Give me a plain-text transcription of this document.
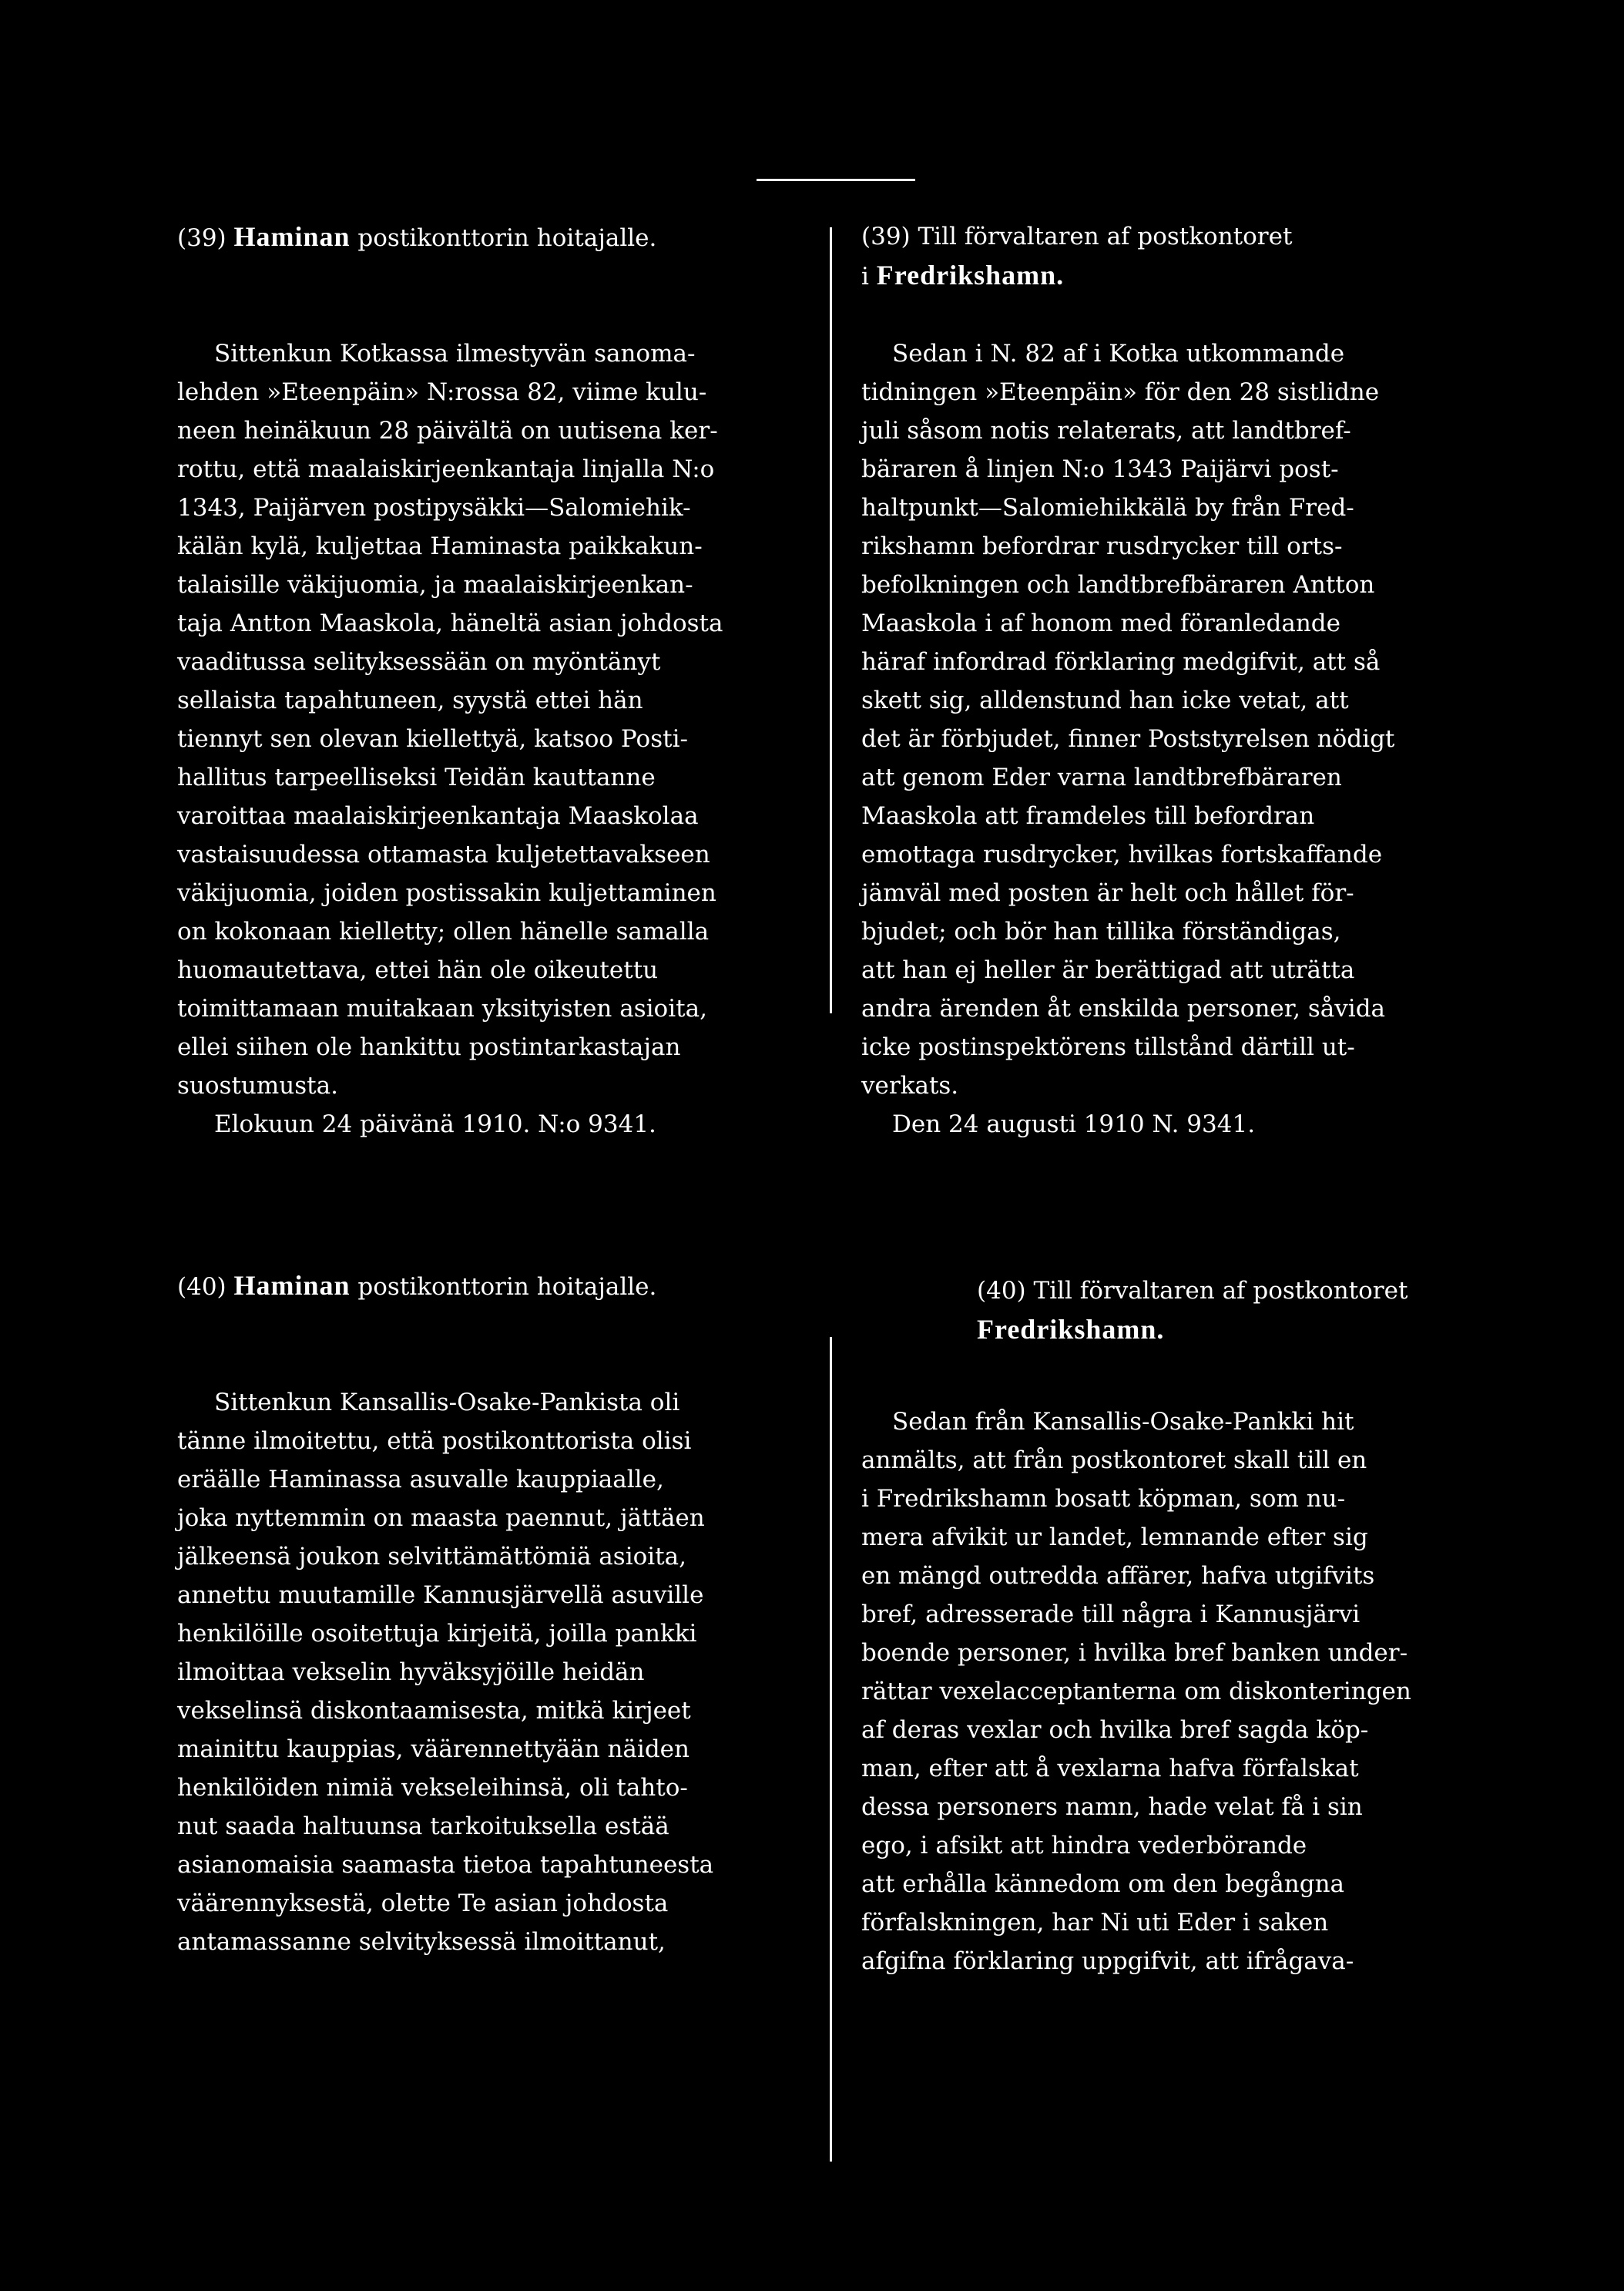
(39) Haminan postikonttorin hoitajalle.

Sittenkun Kotkassa ilmestyvän sanoma-
lehden »Eteenpäin» N:rossa 82, viime kulu-
neen heinäkuun 28 päivältä on uutisena ker-
rottu, että maalaiskirjeenkantaja linjalla N:o
1343, Paijärven postipysäkki—Salomiehik-
kälän kylä, kuljettaa Haminasta paikkakun-
talaisille väkijuomia, ja maalaiskirjeenkan-
taja Antton Maaskola, häneltä asian johdosta
vaaditussa selityksessään on myöntänyt
sellaista tapahtuneen, syystä ettei hän
tiennyt sen olevan kiellettyä, katsoo Posti-
hallitus tarpeelliseksi Teidän kauttanne
varoittaa maalaiskirjeenkantaja Maaskolaa
vastaisuudessa ottamasta kuljetettavakseen
väkijuomia, joiden postissakin kuljettaminen
on kokonaan kielletty; ollen hänelle samalla
huomautettava, ettei hän ole oikeutettu
toimittamaan muitakaan yksityisten asioita,
ellei siihen ole hankittu postintarkastajan
suostumusta.

Elokuun 24 päivänä 1910. N:o 9341.

(39) Till förvaltaren af postkontoret

i Fredrikshamn.

Sedan i N. 82 af i Kotka utkommande
tidningen »Eteenpäin» för den 28 sistlidne
juli såsom notis relaterats, att landtbref-
bäraren å linjen N:o 1343 Paijärvi post-
haltpunkt—Salomiehikkälä by från Fred-
rikshamn befordrar rusdrycker till orts-
befolkningen och landtbrefbäraren Antton
Maaskola i af honom med föranledande
häraf infordrad förklaring medgifvit, att så
skett sig, alldenstund han icke vetat, att
det är förbjudet, finner Poststyrelsen nödigt
att genom Eder varna landtbrefbäraren
Maaskola att framdeles till befordran
emottaga rusdrycker, hvilkas fortskaffande
jämväl med posten är helt och hållet för-
bjudet; och bör han tillika förständigas,
att han ej heller är berättigad att uträtta
andra ärenden åt enskilda personer, såvida
icke postinspektörens tillstånd därtill ut-
verkats.

Den 24 augusti 1910 N. 9341.

(40) Haminan postikonttorin hoitajalle.

Sittenkun Kansallis-Osake-Pankista oli
tänne ilmoitettu, että postikonttorista olisi
eräälle Haminassa asuvalle kauppiaalle,
joka nyttemmin on maasta paennut, jättäen
jälkeensä joukon selvittämättömiä asioita,
annettu muutamille Kannusjärvellä asuville
henkilöille osoitettuja kirjeitä, joilla pankki
ilmoittaa vekselin hyväksyjöille heidän
vekselinsä diskontaamisesta, mitkä kirjeet
mainittu kauppias, väärennettyään näiden
henkilöiden nimiä vekseleihinsä, oli tahto-
nut saada haltuunsa tarkoituksella estää
asianomaisia saamasta tietoa tapahtuneesta
väärennyksestä, olette Te asian johdosta
antamassanne selvityksessä ilmoittanut,

(40) Till förvaltaren af postkontoret

Fredrikshamn.

Sedan från Kansallis-Osake-Pankki hit
anmälts, att från postkontoret skall till en
i Fredrikshamn bosatt köpman, som nu-
mera afvikit ur landet, lemnande efter sig
en mängd outredda affärer, hafva utgifvits
bref, adresserade till några i Kannusjärvi
boende personer, i hvilka bref banken under-
rättar vexelacceptanterna om diskonteringen
af deras vexlar och hvilka bref sagda köp-
man, efter att å vexlarna hafva förfalskat
dessa personers namn, hade velat få i sin
ego, i afsikt att hindra vederbörande
att erhålla kännedom om den begångna
förfalskningen, har Ni uti Eder i saken
afgifna förklaring uppgifvit, att ifrågava-
